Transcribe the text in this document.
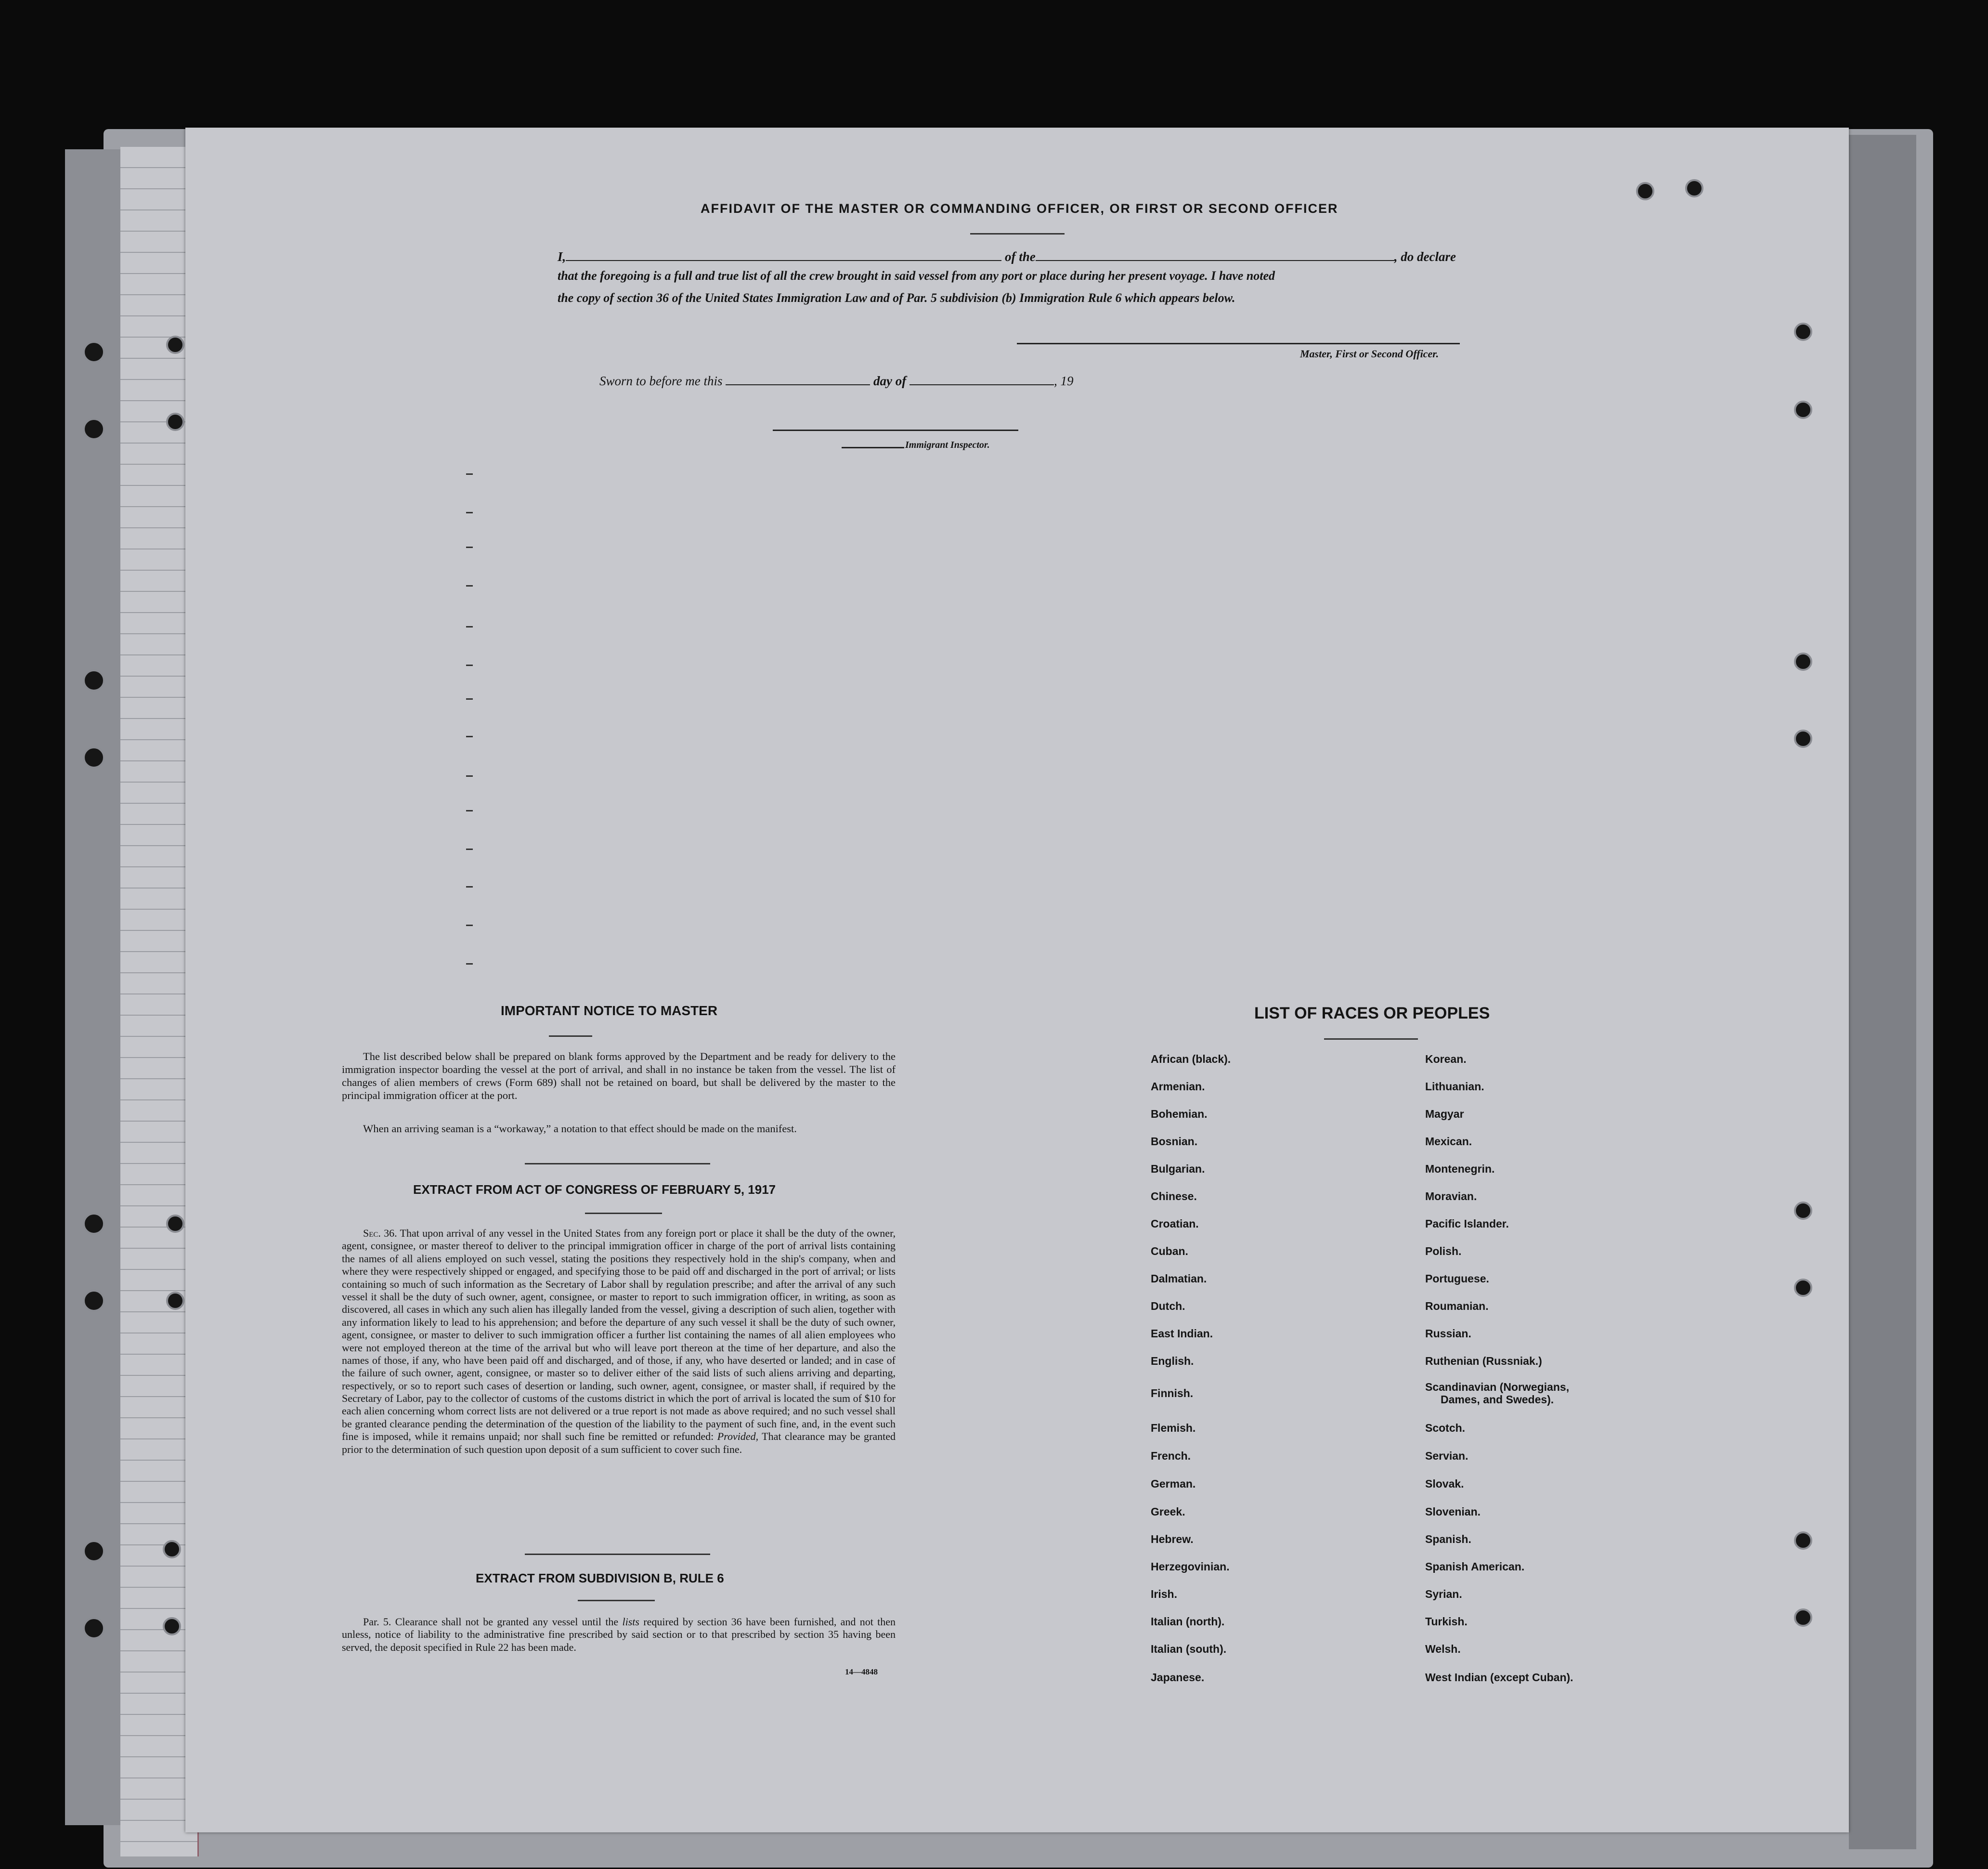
AFFIDAVIT OF THE MASTER OR COMMANDING OFFICER, OR FIRST OR SECOND OFFICER
I,	of the	, do declare
that the foregoing is a full and true list of all the crew brought in said vessel from any port or place during her present voyage. I have noted
the copy of section 36 of the United States Immigration Law and of Par. 5 subdivision (b) Immigration Rule 6 which appears below.
Master, First or Second Officer.
Sworn to before me this	day of	, 19
Immigrant Inspector.
IMPORTANT NOTICE TO MASTER

The list described below shall be prepared on blank forms approved by the Department and be ready for delivery to the immigration inspector boarding the vessel at the port of arrival, and shall in no instance be taken from the vessel. The list of changes of alien members of crews (Form 689) shall not be retained on board, but shall be delivered by the master to the principal immigration officer at the port.

When an arriving seaman is a “workaway,” a notation to that effect should be made on the manifest.

EXTRACT FROM ACT OF CONGRESS OF FEBRUARY 5, 1917

Sec. 36. That upon arrival of any vessel in the United States from any foreign port or place it shall be the duty of the owner, agent, consignee, or master thereof to deliver to the principal immigration officer in charge of the port of arrival lists containing the names of all aliens employed on such vessel, stating the positions they respectively hold in the ship's company, when and where they were respectively shipped or engaged, and specifying those to be paid off and discharged in the port of arrival; or lists containing so much of such information as the Secretary of Labor shall by regulation prescribe; and after the arrival of any such vessel it shall be the duty of such owner, agent, consignee, or master to report to such immigration officer, in writing, as soon as discovered, all cases in which any such alien has illegally landed from the vessel, giving a description of such alien, together with any information likely to lead to his apprehension; and before the departure of any such vessel it shall be the duty of such owner, agent, consignee, or master to deliver to such immigration officer a further list containing the names of all alien employees who were not employed thereon at the time of the arrival but who will leave port thereon at the time of her departure, and also the names of those, if any, who have been paid off and discharged, and of those, if any, who have deserted or landed; and in case of the failure of such owner, agent, consignee, or master so to deliver either of the said lists of such aliens arriving and departing, respectively, or so to report such cases of desertion or landing, such owner, agent, consignee, or master shall, if required by the Secretary of Labor, pay to the collector of customs of the customs district in which the port of arrival is located the sum of $10 for each alien concerning whom correct lists are not delivered or a true report is not made as above required; and no such vessel shall be granted clearance pending the determination of the question of the liability to the payment of such fine, and, in the event such fine is imposed, while it remains unpaid; nor shall such fine be remitted or refunded: Provided, That clearance may be granted prior to the determination of such question upon deposit of a sum sufficient to cover such fine.

EXTRACT FROM SUBDIVISION B, RULE 6

Par. 5. Clearance shall not be granted any vessel until the lists required by section 36 have been furnished, and not then unless, notice of liability to the administrative fine prescribed by said section or to that prescribed by section 35 having been served, the deposit specified in Rule 22 has been made.

14—4848
LIST OF RACES OR PEOPLES
African (black).
Armenian.
Bohemian.
Bosnian.
Bulgarian.
Chinese.
Croatian.
Cuban.
Dalmatian.
Dutch.
East Indian.
English.
Finnish.
Flemish.
French.
German.
Greek.
Hebrew.
Herzegovinian.
Irish.
Italian (north).
Italian (south).
Japanese.
Korean.
Lithuanian.
Magyar
Mexican.
Montenegrin.
Moravian.
Pacific Islander.
Polish.
Portuguese.
Roumanian.
Russian.
Ruthenian (Russniak.)
Scandinavian (Norwegians,
Dames, and Swedes).
Scotch.
Servian.
Slovak.
Slovenian.
Spanish.
Spanish American.
Syrian.
Turkish.
Welsh.
West Indian (except Cuban).
